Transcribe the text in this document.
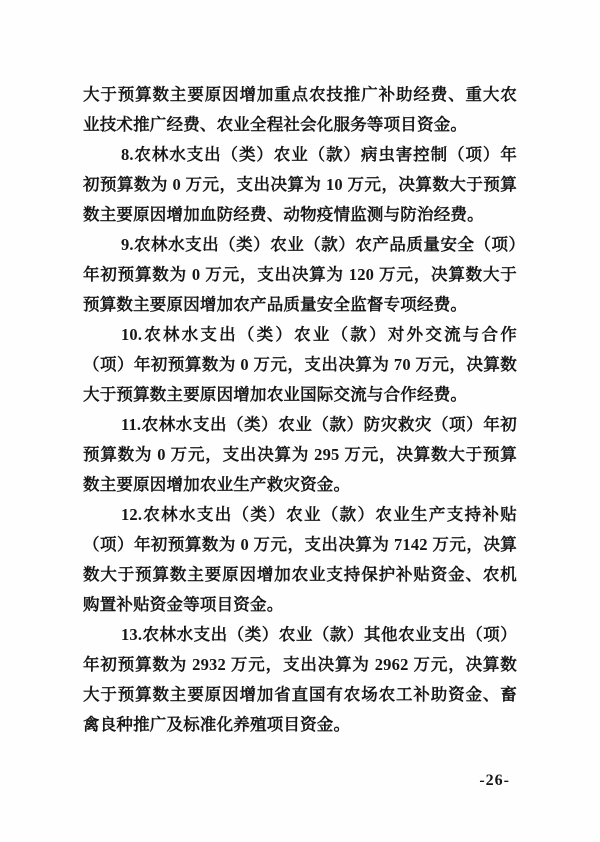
大于预算数主要原因增加重点农技推广补助经费、重大农业技术推广经费、农业全程社会化服务等项目资金。

8.农林水支出（类）农业（款）病虫害控制（项）年初预算数为 0 万元，支出决算为 10 万元，决算数大于预算数主要原因增加血防经费、动物疫情监测与防治经费。

9.农林水支出（类）农业（款）农产品质量安全（项）年初预算数为 0 万元，支出决算为 120 万元，决算数大于预算数主要原因增加农产品质量安全监督专项经费。

10.农林水支出（类）农业（款）对外交流与合作（项）年初预算数为 0 万元，支出决算为 70 万元，决算数大于预算数主要原因增加农业国际交流与合作经费。

11.农林水支出（类）农业（款）防灾救灾（项）年初预算数为 0 万元，支出决算为 295 万元，决算数大于预算数主要原因增加农业生产救灾资金。

12.农林水支出（类）农业（款）农业生产支持补贴（项）年初预算数为 0 万元，支出决算为 7142 万元，决算数大于预算数主要原因增加农业支持保护补贴资金、农机购置补贴资金等项目资金。

13.农林水支出（类）农业（款）其他农业支出（项）年初预算数为 2932 万元，支出决算为 2962 万元，决算数大于预算数主要原因增加省直国有农场农工补助资金、畜禽良种推广及标准化养殖项目资金。

-26-
